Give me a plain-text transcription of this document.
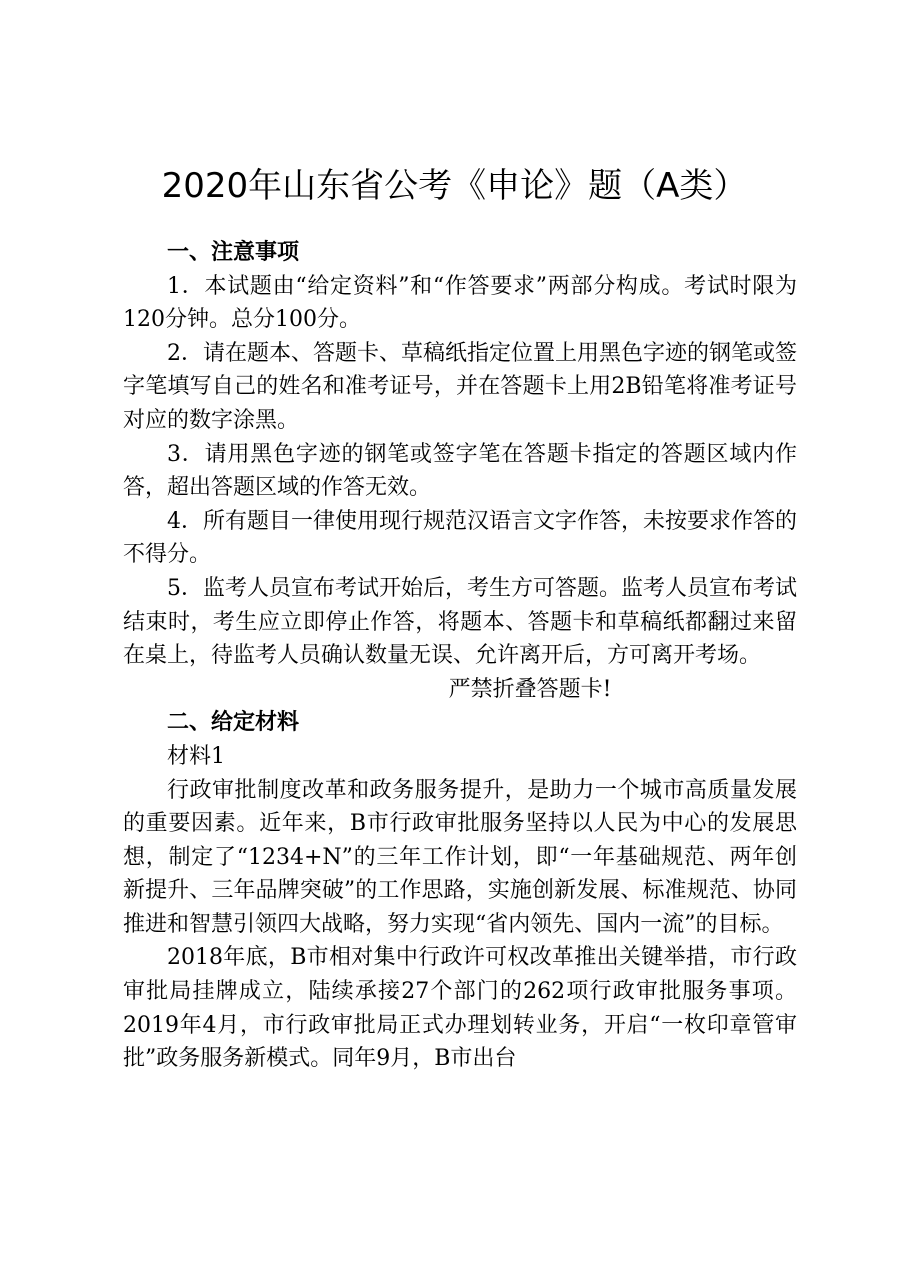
2020年山东省公考《申论》题（A类）

一、注意事项

1．本试题由“给定资料”和“作答要求”两部分构成。考试时限为120分钟。总分100分。

2．请在题本、答题卡、草稿纸指定位置上用黑色字迹的钢笔或签字笔填写自己的姓名和准考证号，并在答题卡上用2B铅笔将准考证号对应的数字涂黑。

3．请用黑色字迹的钢笔或签字笔在答题卡指定的答题区域内作答，超出答题区域的作答无效。

4．所有题目一律使用现行规范汉语言文字作答，未按要求作答的不得分。

5．监考人员宣布考试开始后，考生方可答题。监考人员宣布考试结束时，考生应立即停止作答，将题本、答题卡和草稿纸都翻过来留在桌上，待监考人员确认数量无误、允许离开后，方可离开考场。

严禁折叠答题卡!

二、给定材料

材料1

行政审批制度改革和政务服务提升，是助力一个城市高质量发展的重要因素。近年来，B市行政审批服务坚持以人民为中心的发展思想，制定了“1234+N”的三年工作计划，即“一年基础规范、两年创新提升、三年品牌突破”的工作思路，实施创新发展、标准规范、协同推进和智慧引领四大战略，努力实现“省内领先、国内一流”的目标。

2018年底，B市相对集中行政许可权改革推出关键举措，市行政审批局挂牌成立，陆续承接27个部门的262项行政审批服务事项。2019年4月，市行政审批局正式办理划转业务，开启“一枚印章管审批”政务服务新模式。同年9月，B市出台
